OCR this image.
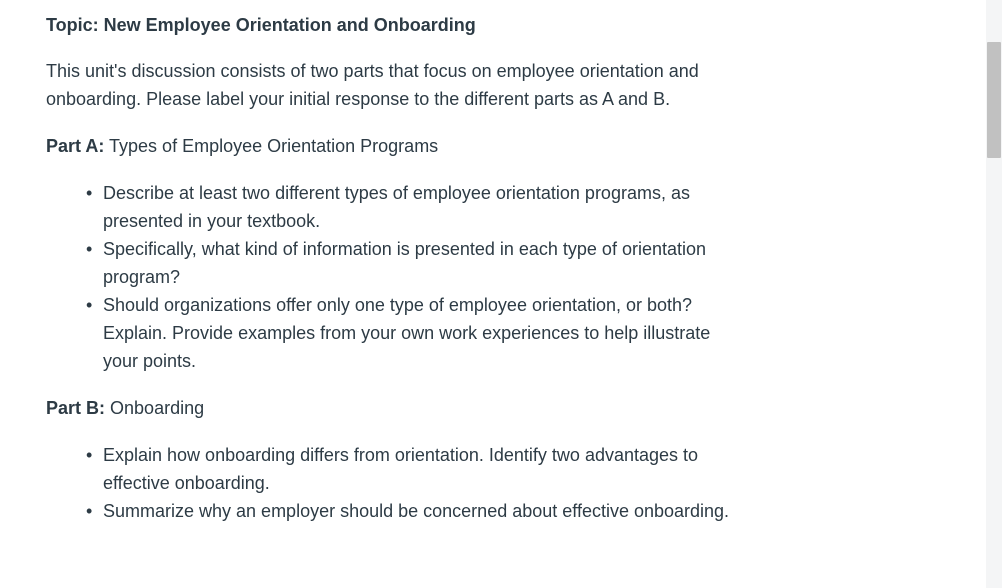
Topic: New Employee Orientation and Onboarding

This unit's discussion consists of two parts that focus on employee orientation and onboarding. Please label your initial response to the different parts as A and B.

Part A: Types of Employee Orientation Programs

• Describe at least two different types of employee orientation programs, as presented in your textbook.
• Specifically, what kind of information is presented in each type of orientation program?
• Should organizations offer only one type of employee orientation, or both? Explain. Provide examples from your own work experiences to help illustrate your points.

Part B: Onboarding

• Explain how onboarding differs from orientation. Identify two advantages to effective onboarding.
• Summarize why an employer should be concerned about effective onboarding.
